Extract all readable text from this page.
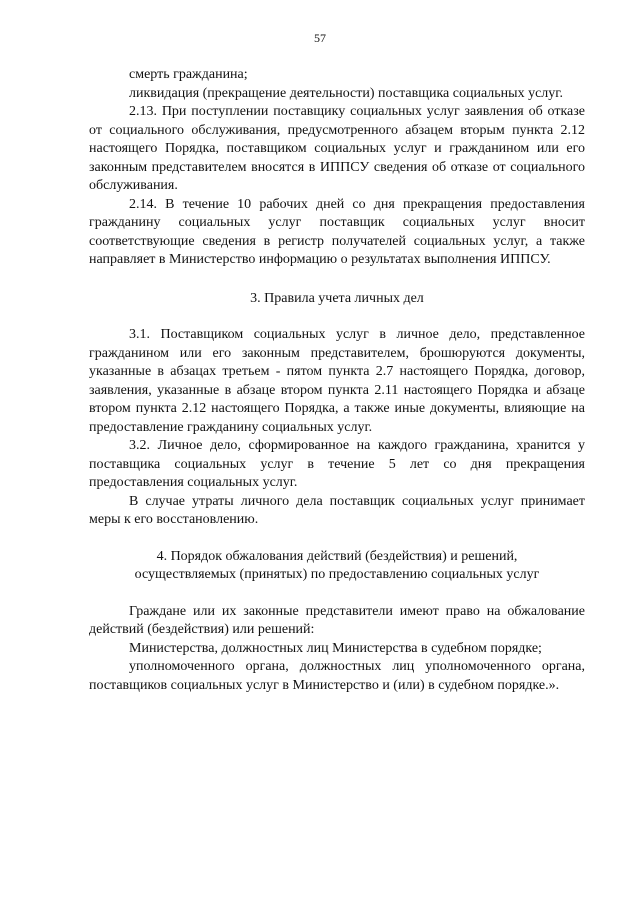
57

смерть гражданина;

ликвидация (прекращение деятельности) поставщика социальных услуг.

2.13. При поступлении поставщику социальных услуг заявления об отказе от социального обслуживания, предусмотренного абзацем вторым пункта 2.12 настоящего Порядка, поставщиком социальных услуг и гражданином или его законным представителем вносятся в ИППСУ сведения об отказе от социального обслуживания.

2.14. В течение 10 рабочих дней со дня прекращения предоставления гражданину социальных услуг поставщик социальных услуг вносит соответствующие сведения в регистр получателей социальных услуг, а также направляет в Министерство информацию о результатах выполнения ИППСУ.

3. Правила учета личных дел

3.1. Поставщиком социальных услуг в личное дело, представленное гражданином или его законным представителем, брошюруются документы, указанные в абзацах третьем - пятом пункта 2.7 настоящего Порядка, договор, заявления, указанные в абзаце втором пункта 2.11 настоящего Порядка и абзаце втором пункта 2.12 настоящего Порядка, а также иные документы, влияющие на предоставление гражданину социальных услуг.

3.2. Личное дело, сформированное на каждого гражданина, хранится у поставщика социальных услуг в течение 5 лет со дня прекращения предоставления социальных услуг.

В случае утраты личного дела поставщик социальных услуг принимает меры к его восстановлению.

4. Порядок обжалования действий (бездействия) и решений,
осуществляемых (принятых) по предоставлению социальных услуг

Граждане или их законные представители имеют право на обжалование действий (бездействия) или решений:

Министерства, должностных лиц Министерства в судебном порядке;

уполномоченного органа, должностных лиц уполномоченного органа, поставщиков социальных услуг в Министерство и (или) в судебном порядке.».
